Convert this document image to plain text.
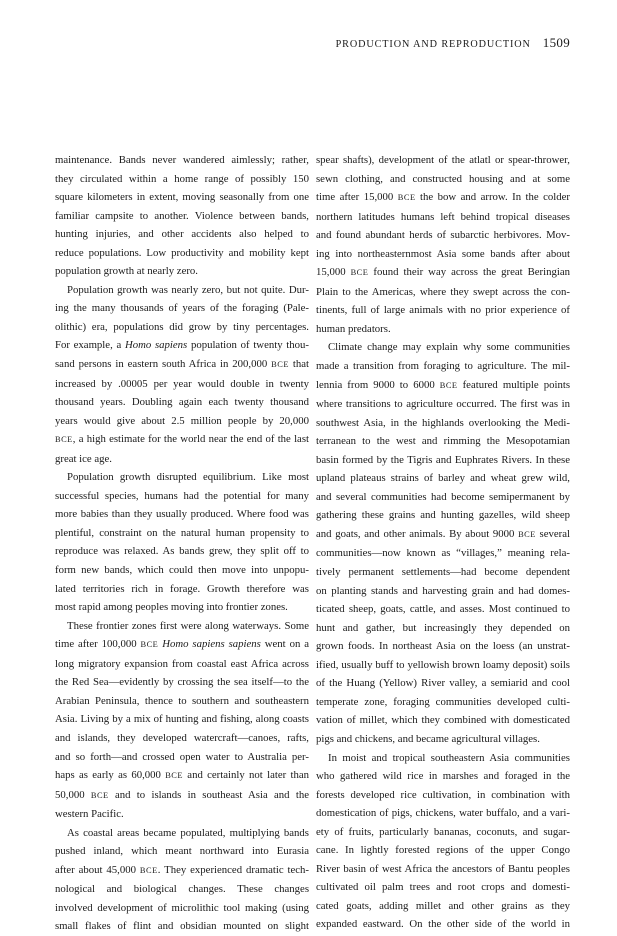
PRODUCTION AND REPRODUCTION 1509
maintenance. Bands never wandered aimlessly; rather,
they circulated within a home range of possibly 150
square kilometers in extent, moving seasonally from one
familiar campsite to another. Violence between bands,
hunting injuries, and other accidents also helped to
reduce populations. Low productivity and mobility kept
population growth at nearly zero.
Population growth was nearly zero, but not quite. Dur-
ing the many thousands of years of the foraging (Pale-
olithic) era, populations did grow by tiny percentages.
For example, a Homo sapiens population of twenty thou-
sand persons in eastern south Africa in 200,000 BCE that
increased by .00005 per year would double in twenty
thousand years. Doubling again each twenty thousand
years would give about 2.5 million people by 20,000
BCE, a high estimate for the world near the end of the last
great ice age.
Population growth disrupted equilibrium. Like most
successful species, humans had the potential for many
more babies than they usually produced. Where food was
plentiful, constraint on the natural human propensity to
reproduce was relaxed. As bands grew, they split off to
form new bands, which could then move into unpopu-
lated territories rich in forage. Growth therefore was
most rapid among peoples moving into frontier zones.
These frontier zones first were along waterways. Some
time after 100,000 BCE Homo sapiens sapiens went on a
long migratory expansion from coastal east Africa across
the Red Sea—evidently by crossing the sea itself—to the
Arabian Peninsula, thence to southern and southeastern
Asia. Living by a mix of hunting and fishing, along coasts
and islands, they developed watercraft—canoes, rafts,
and so forth—and crossed open water to Australia per-
haps as early as 60,000 BCE and certainly not later than
50,000 BCE and to islands in southeast Asia and the
western Pacific.
As coastal areas became populated, multiplying bands
pushed inland, which meant northward into Eurasia
after about 45,000 BCE. They experienced dramatic tech-
nological and biological changes. These changes
involved development of microlithic tool making (using
small flakes of flint and obsidian mounted on slight
spear shafts), development of the atlatl or spear-thrower,
sewn clothing, and constructed housing and at some
time after 15,000 BCE the bow and arrow. In the colder
northern latitudes humans left behind tropical diseases
and found abundant herds of subarctic herbivores. Mov-
ing into northeasternmost Asia some bands after about
15,000 BCE found their way across the great Beringian
Plain to the Americas, where they swept across the con-
tinents, full of large animals with no prior experience of
human predators.
Climate change may explain why some communities
made a transition from foraging to agriculture. The mil-
lennia from 9000 to 6000 BCE featured multiple points
where transitions to agriculture occurred. The first was in
southwest Asia, in the highlands overlooking the Medi-
terranean to the west and rimming the Mesopotamian
basin formed by the Tigris and Euphrates Rivers. In these
upland plateaus strains of barley and wheat grew wild,
and several communities had become semipermanent by
gathering these grains and hunting gazelles, wild sheep
and goats, and other animals. By about 9000 BCE several
communities—now known as “villages,” meaning rela-
tively permanent settlements—had become dependent
on planting stands and harvesting grain and had domes-
ticated sheep, goats, cattle, and asses. Most continued to
hunt and gather, but increasingly they depended on
grown foods. In northeast Asia on the loess (an unstrat-
ified, usually buff to yellowish brown loamy deposit) soils
of the Huang (Yellow) River valley, a semiarid and cool
temperate zone, foraging communities developed culti-
vation of millet, which they combined with domesticated
pigs and chickens, and became agricultural villages.
In moist and tropical southeastern Asia communities
who gathered wild rice in marshes and foraged in the
forests developed rice cultivation, in combination with
domestication of pigs, chickens, water buffalo, and a vari-
ety of fruits, particularly bananas, coconuts, and sugar-
cane. In lightly forested regions of the upper Congo
River basin of west Africa the ancestors of Bantu peoples
cultivated oil palm trees and root crops and domesti-
cated goats, adding millet and other grains as they
expanded eastward. On the other side of the world in
